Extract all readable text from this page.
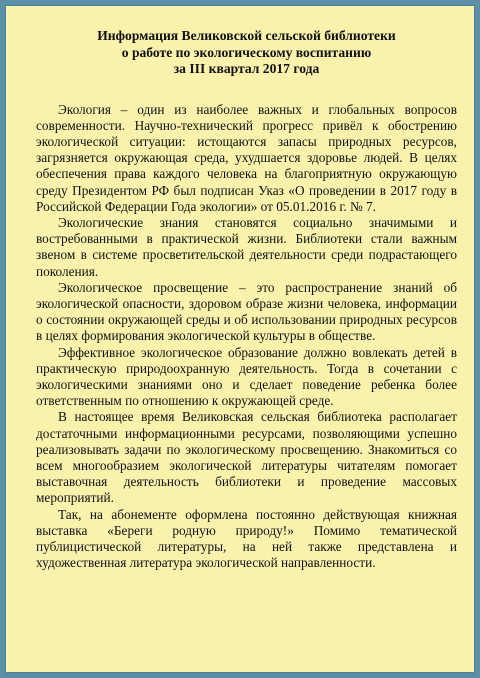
Информация Великовской сельской библиотеки
о работе по экологическому воспитанию
за III квартал 2017 года

Экология – один из наиболее важных и глобальных вопросов современности. Научно-технический прогресс привёл к обострению экологической ситуации: истощаются запасы природных ресурсов, загрязняется окружающая среда, ухудшается здоровье людей. В целях обеспечения права каждого человека на благоприятную окружающую среду Президентом РФ был подписан Указ «О проведении в 2017 году в Российской Федерации Года экологии» от 05.01.2016 г. № 7.

Экологические знания становятся социально значимыми и востребованными в практической жизни. Библиотеки стали важным звеном в системе просветительской деятельности среди подрастающего поколения.

Экологическое просвещение – это распространение знаний об экологической опасности, здоровом образе жизни человека, информации о состоянии окружающей среды и об использовании природных ресурсов в целях формирования экологической культуры в обществе.

Эффективное экологическое образование должно вовлекать детей в практическую природоохранную деятельность. Тогда в сочетании с экологическими знаниями оно и сделает поведение ребенка более ответственным по отношению к окружающей среде.

В настоящее время Великовская сельская библиотека располагает достаточными информационными ресурсами, позволяющими успешно реализовывать задачи по экологическому просвещению. Знакомиться со всем многообразием экологической литературы читателям помогает выставочная деятельность библиотеки и проведение массовых мероприятий.

Так, на абонементе оформлена постоянно действующая книжная выставка «Береги родную природу!» Помимо тематической публицистической литературы, на ней также представлена и художественная литература экологической направленности.
